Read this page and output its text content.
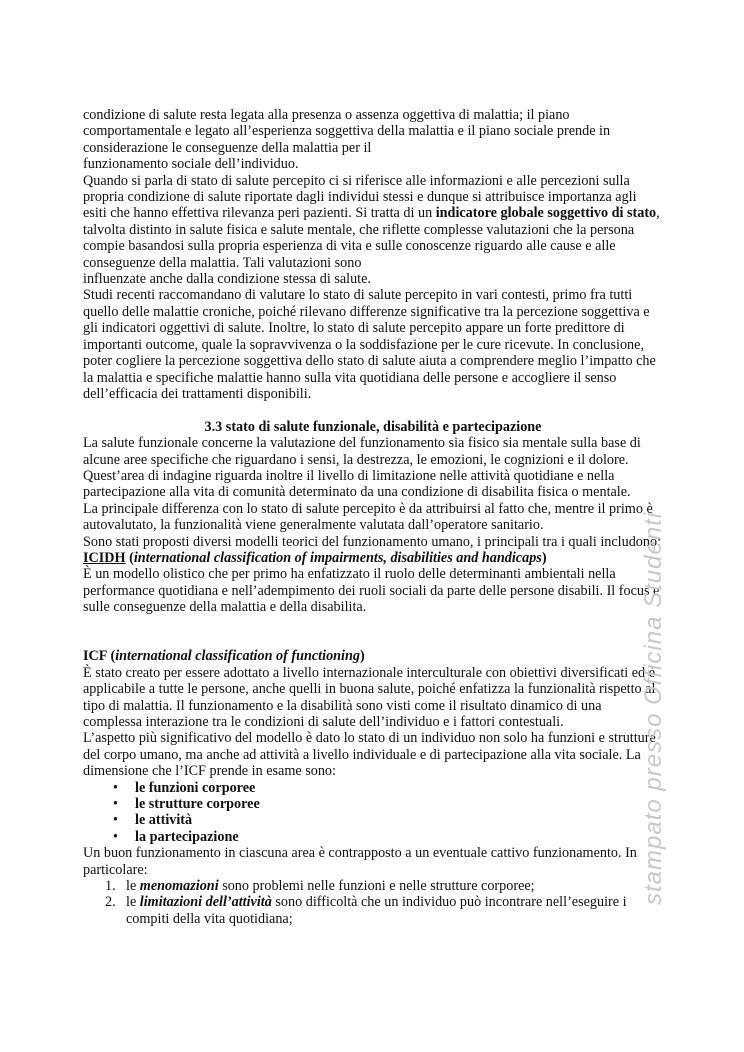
condizione di salute resta legata alla presenza o assenza oggettiva di malattia; il piano

comportamentale e legato all’esperienza soggettiva della malattia e il piano sociale prende in

considerazione le conseguenze della malattia per il

funzionamento sociale dell’individuo.

Quando si parla di stato di salute percepito ci si riferisce alle informazioni e alle percezioni sulla propria condizione di salute riportate dagli individui stessi e dunque si attribuisce importanza agli esiti che hanno effettiva rilevanza peri pazienti. Si tratta di un indicatore globale soggettivo di stato, talvolta distinto in salute fisica e salute mentale, che riflette complesse valutazioni che la persona compie basandosi sulla propria esperienza di vita e sulle conoscenze riguardo alle cause e alle conseguenze della malattia. Tali valutazioni sono

influenzate anche dalla condizione stessa di salute.

Studi recenti raccomandano di valutare lo stato di salute percepito in vari contesti, primo fra tutti quello delle malattie croniche, poiché rilevano differenze significative tra la percezione soggettiva e gli indicatori oggettivi di salute. Inoltre, lo stato di salute percepito appare un forte predittore di importanti outcome, quale la sopravvivenza o la soddisfazione per le cure ricevute. In conclusione, poter cogliere la percezione soggettiva dello stato di salute aiuta a comprendere meglio l’impatto che la malattia e specifiche malattie hanno sulla vita quotidiana delle persone e accogliere il senso dell’efficacia dei trattamenti disponibili.

3.3 stato di salute funzionale, disabilità e partecipazione

La salute funzionale concerne la valutazione del funzionamento sia fisico sia mentale sulla base di alcune aree specifiche che riguardano i sensi, la destrezza, le emozioni, le cognizioni e il dolore. Quest’area di indagine riguarda inoltre il livello di limitazione nelle attività quotidiane e nella partecipazione alla vita di comunità determinato da una condizione di disabilita fisica o mentale.

La principale differenza con lo stato di salute percepito è da attribuirsi al fatto che, mentre il primo è autovalutato, la funzionalità viene generalmente valutata dall’operatore sanitario.

Sono stati proposti diversi modelli teorici del funzionamento umano, i principali tra i quali includono:

ICIDH (international classification of impairments, disabilities and handicaps)

È un modello olistico che per primo ha enfatizzato il ruolo delle determinanti ambientali nella performance quotidiana e nell’adempimento dei ruoli sociali da parte delle persone disabili. Il focus e sulle conseguenze della malattia e della disabilita.

ICF (international classification of functioning)

È stato creato per essere adottato a livello internazionale interculturale con obiettivi diversificati ed è applicabile a tutte le persone, anche quelli in buona salute, poiché enfatizza la funzionalità rispetto al tipo di malattia. Il funzionamento e la disabilità sono visti come il risultato dinamico di una complessa interazione tra le condizioni di salute dell’individuo e i fattori contestuali.

L’aspetto più significativo del modello è dato lo stato di un individuo non solo ha funzioni e strutture del corpo umano, ma anche ad attività a livello individuale e di partecipazione alla vita sociale. La dimensione che l’ICF prende in esame sono:

• le funzioni corporee
• le strutture corporee
• le attività
• la partecipazione

Un buon funzionamento in ciascuna area è contrapposto a un eventuale cattivo funzionamento. In particolare:

1. le menomazioni sono problemi nelle funzioni e nelle strutture corporee;
2. le limitazioni dell’attività sono difficoltà che un individuo può incontrare nell’eseguire i compiti della vita quotidiana;
stampato presso Officina Studenti
